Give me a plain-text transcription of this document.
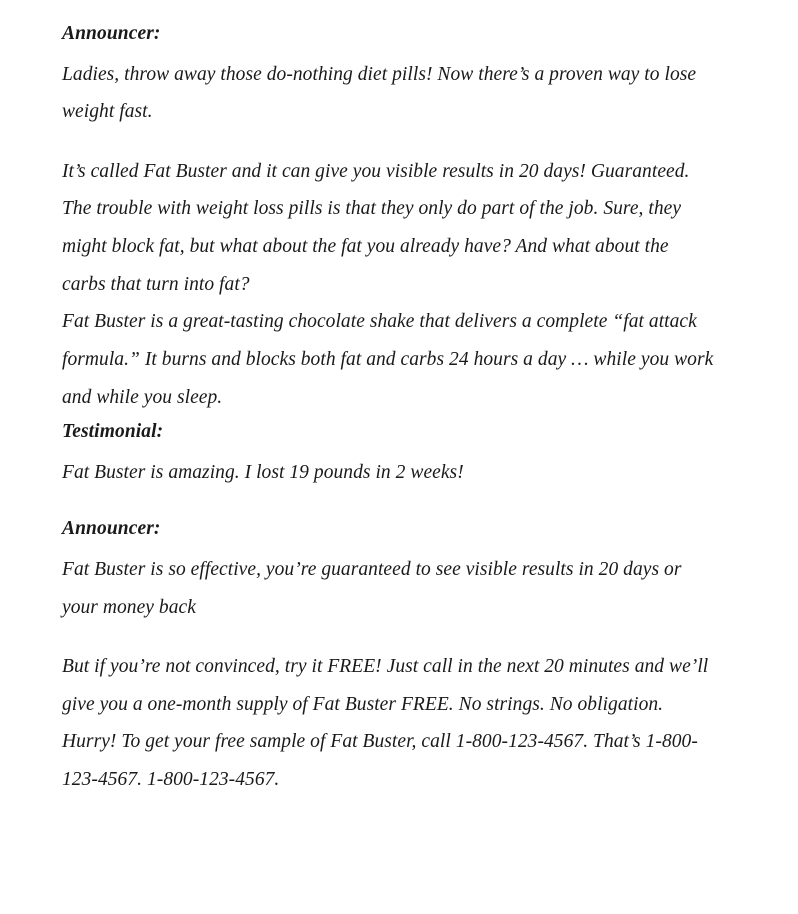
Announcer:

Ladies, throw away those do-nothing diet pills! Now there’s a proven way to lose weight fast.

It’s called Fat Buster and it can give you visible results in 20 days! Guaranteed.

The trouble with weight loss pills is that they only do part of the job. Sure, they might block fat, but what about the fat you already have? And what about the carbs that turn into fat?

Fat Buster is a great-tasting chocolate shake that delivers a complete “fat attack formula.” It burns and blocks both fat and carbs 24 hours a day … while you work and while you sleep.

Testimonial:

Fat Buster is amazing. I lost 19 pounds in 2 weeks!

Announcer:

Fat Buster is so effective, you’re guaranteed to see visible results in 20 days or your money back

But if you’re not convinced, try it FREE! Just call in the next 20 minutes and we’ll give you a one-month supply of Fat Buster FREE. No strings. No obligation.

Hurry! To get your free sample of Fat Buster, call 1-800-123-4567. That’s 1-800-123-4567. 1-800-123-4567.
